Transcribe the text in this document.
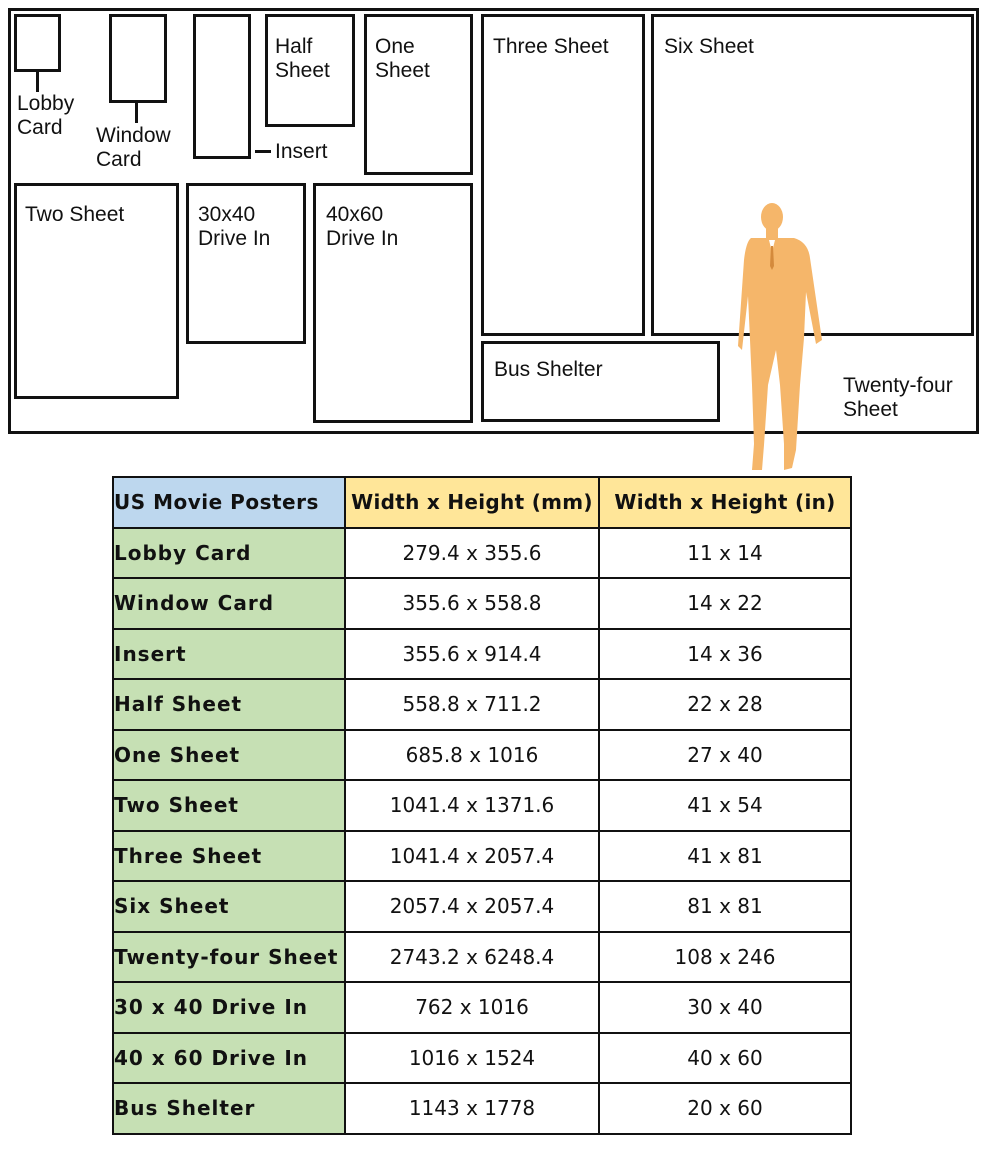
Lobby
Card	Window
Card	Insert
Half
Sheet
One
Sheet
Three Sheet	Six Sheet
Two Sheet	30x40
Drive In
40x60
Drive In
Bus Shelter
Twenty-four
Sheet
US Movie Posters	Width x Height (mm)	Width x Height (in)
Lobby Card	279.4 x 355.6	11 x 14
Window Card	355.6 x 558.8	14 x 22
Insert	355.6 x 914.4	14 x 36
Half Sheet	558.8 x 711.2	22 x 28
One Sheet	685.8 x 1016	27 x 40
Two Sheet	1041.4 x 1371.6	41 x 54
Three Sheet	1041.4 x 2057.4	41 x 81
Six Sheet	2057.4 x 2057.4	81 x 81
Twenty-four Sheet	2743.2 x 6248.4	108 x 246
30 x 40 Drive In	762 x 1016	30 x 40
40 x 60 Drive In	1016 x 1524	40 x 60
Bus Shelter	1143 x 1778	20 x 60
